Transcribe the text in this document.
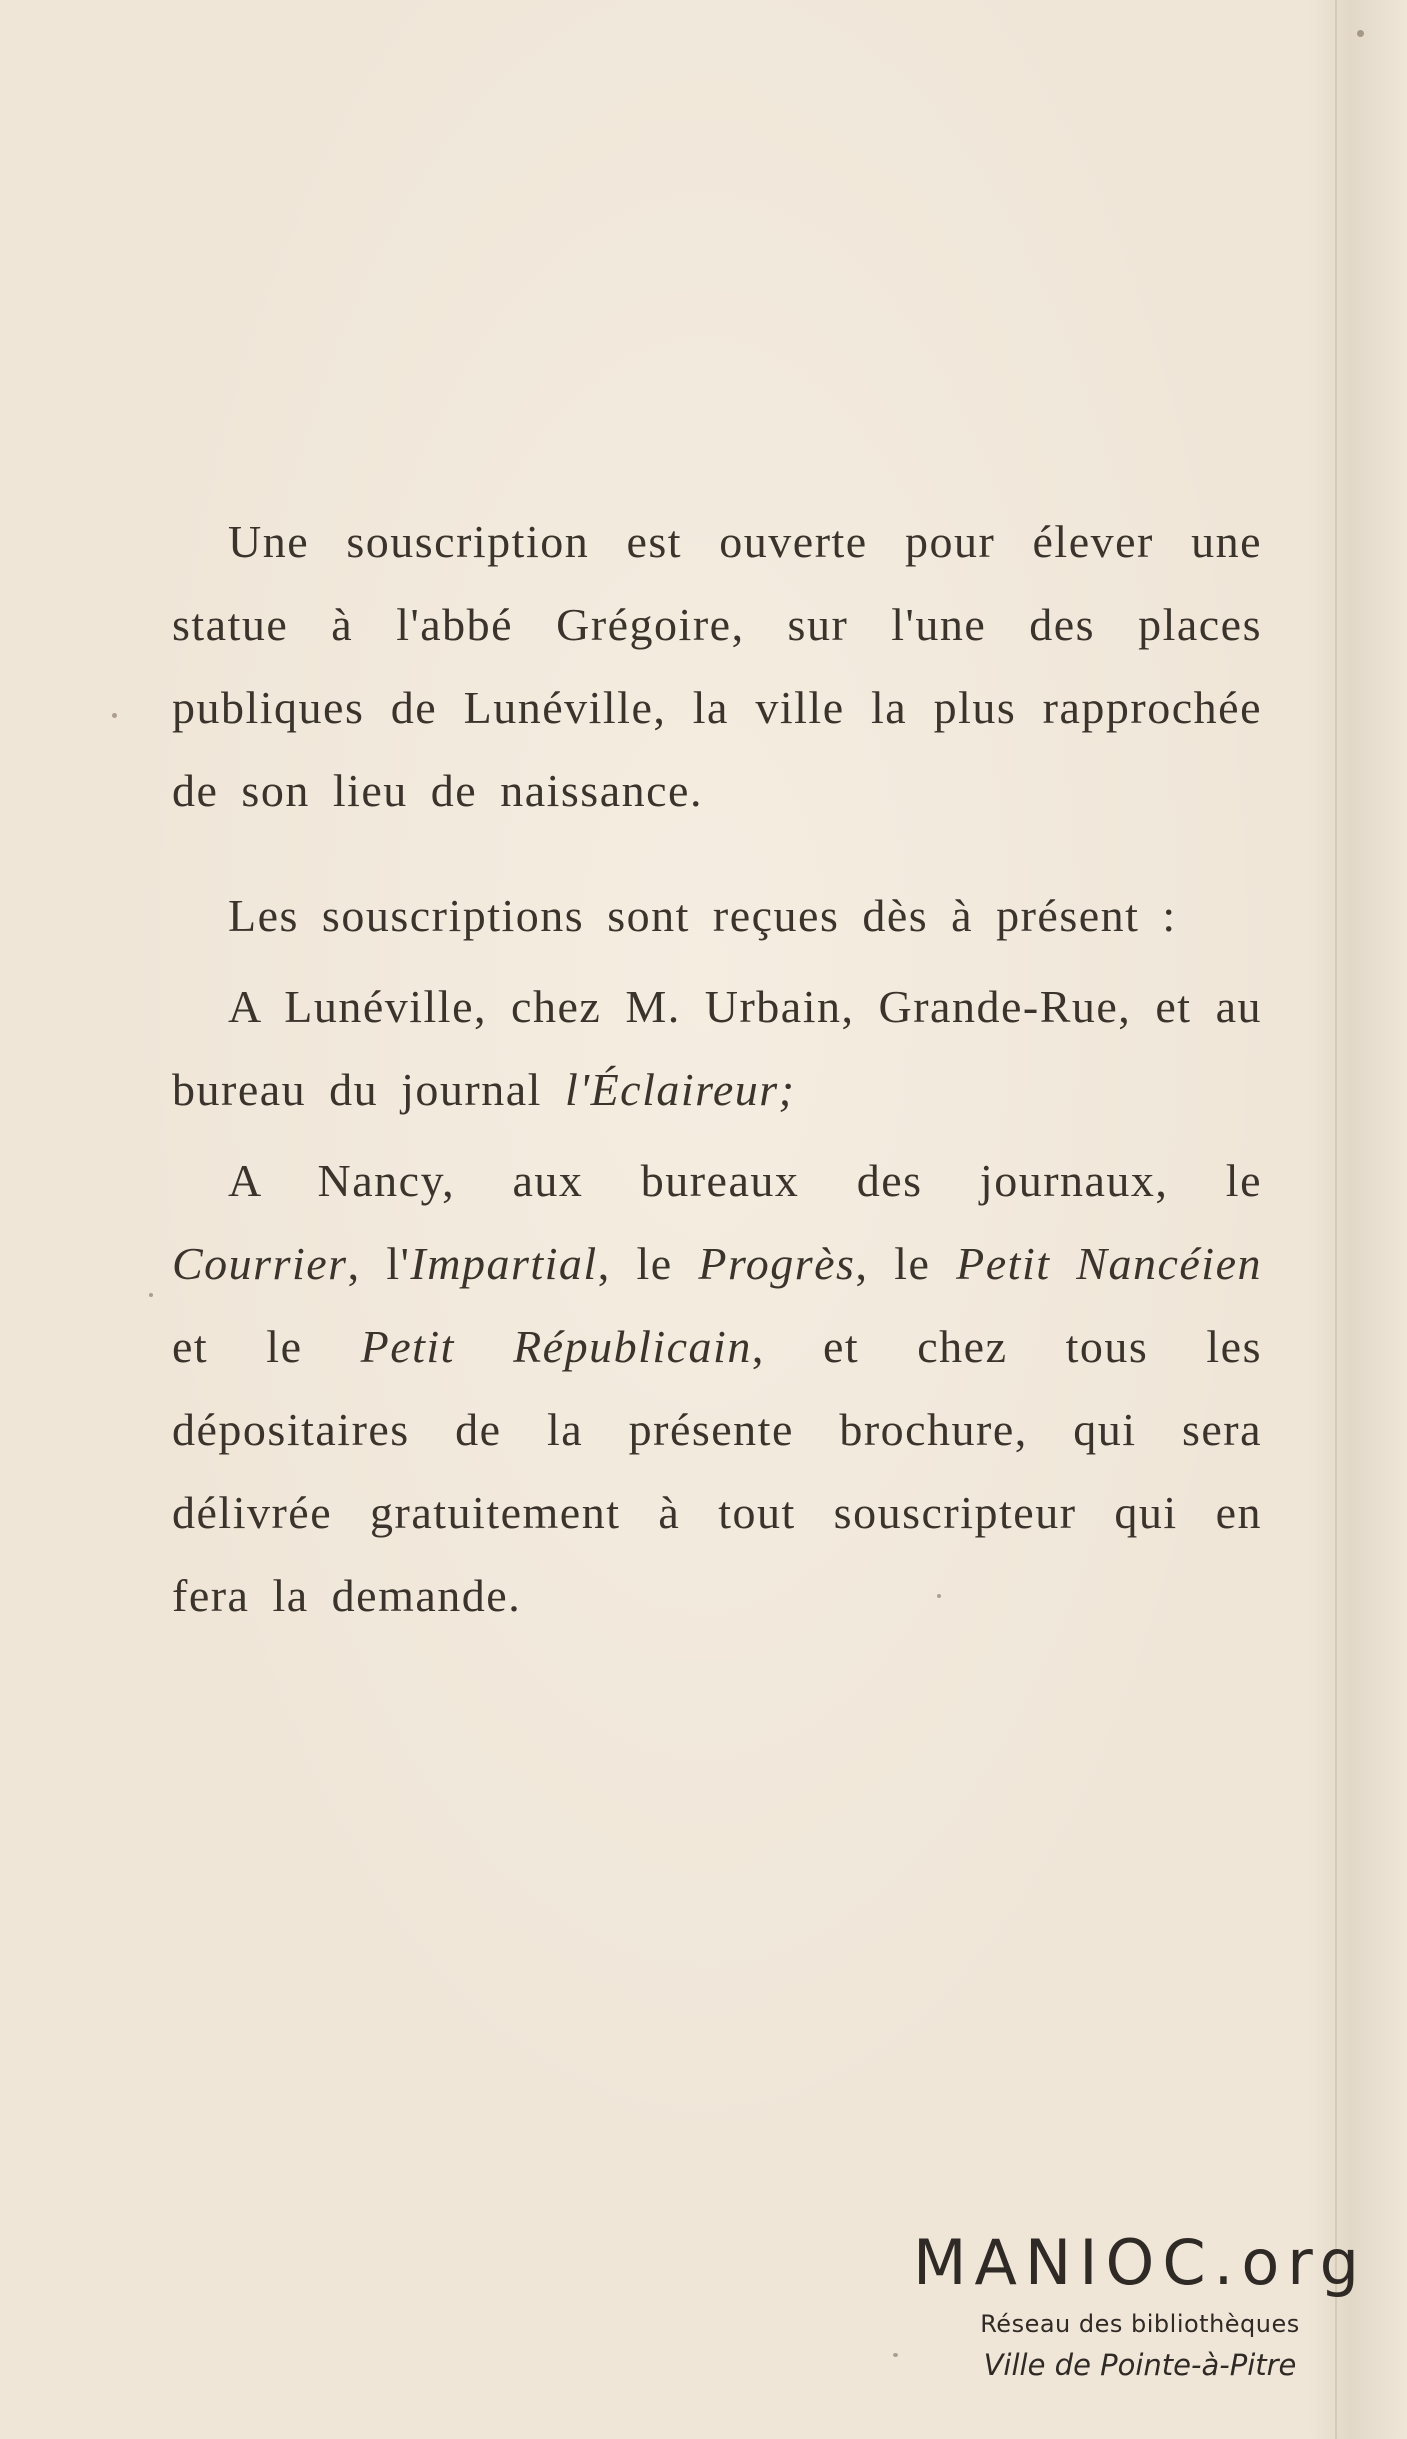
Une souscription est ouverte pour élever une statue à l'abbé Grégoire, sur l'une des places publiques de Lunéville, la ville la plus rapprochée de son lieu de naissance.

Les souscriptions sont reçues dès à présent :

A Lunéville, chez M. Urbain, Grande-Rue, et au bureau du journal l'Éclaireur;

A Nancy, aux bureaux des journaux, le Courrier, l'Impartial, le Progrès, le Petit Nancéien et le Petit Républicain, et chez tous les dépositaires de la présente brochure, qui sera délivrée gratuitement à tout souscripteur qui en fera la demande.

MANIOC.org
Réseau des bibliothèques
Ville de Pointe-à-Pitre
